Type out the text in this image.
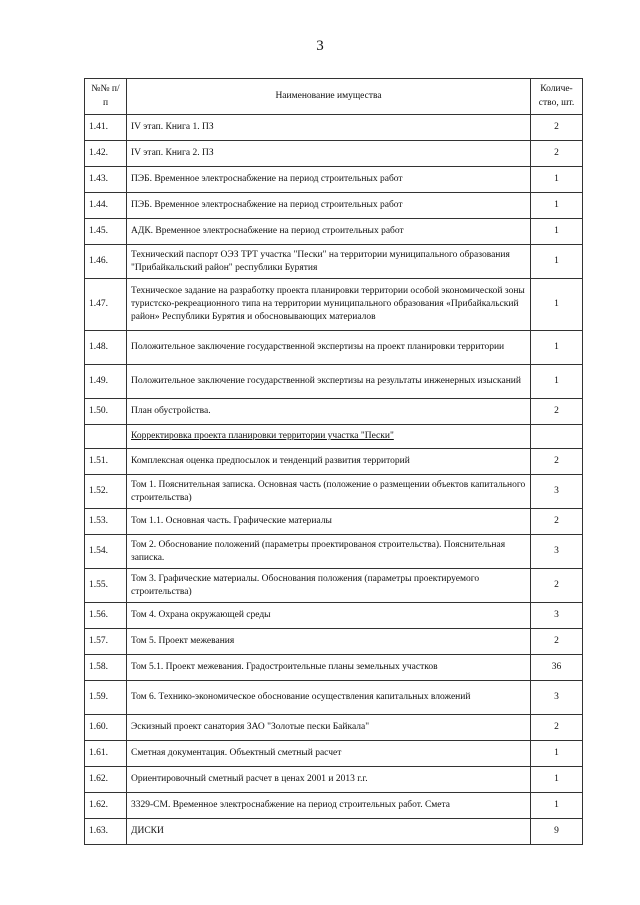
3
№№ п/п	Наименование имущества	Количе- ство, шт.
1.41.	IV этап. Книга 1. ПЗ	2
1.42.	IV этап. Книга 2. ПЗ	2
1.43.	ПЭБ. Временное электроснабжение на период строительных работ	1
1.44.	ПЭБ. Временное электроснабжение на период строительных работ	1
1.45.	АДК. Временное электроснабжение на период строительных работ	1
1.46.	Технический паспорт ОЭЗ ТРТ участка "Пески" на территории муниципального образования "Прибайкальский район" республики Бурятия	1
1.47.	Техническое задание на разработку проекта планировки территории особой экономической зоны туристско-рекреационного типа на территории муниципального образования «Прибайкальский район» Республики Бурятия и обосновывающих материалов	1
1.48.	Положительное заключение государственной экспертизы на проект планировки территории	1
1.49.	Положительное заключение государственной экспертизы на результаты инженерных изысканий	1
1.50.	План обустройства.	2
	Корректировка проекта планировки территории участка "Пески"	
1.51.	Комплексная оценка предпосылок и тенденций развития территорий	2
1.52.	Том 1. Пояснительная записка. Основная часть (положение о размещении объектов капитального строительства)	3
1.53.	Том 1.1. Основная часть. Графические материалы	2
1.54.	Том 2. Обоснование положений (параметры проектированоя строительства). Пояснительная записка.	3
1.55.	Том 3. Графические материалы. Обоснования положения (параметры проектируемого строительства)	2
1.56.	Том 4. Охрана окружающей среды	3
1.57.	Том 5. Проект межевания	2
1.58.	Том 5.1. Проект межевания. Градостроительные планы земельных участков	36
1.59.	Том 6. Технико-экономическое обоснование осуществления капитальных вложений	3
1.60.	Эскизный проект санатория ЗАО "Золотые пески Байкала"	2
1.61.	Сметная документация. Объектный сметный расчет	1
1.62.	Ориентировочный сметный расчет в ценах 2001 и 2013 г.г.	1
1.62.	3329-СМ. Временное электроснабжение на период строительных работ. Смета	1
1.63.	ДИСКИ	9
